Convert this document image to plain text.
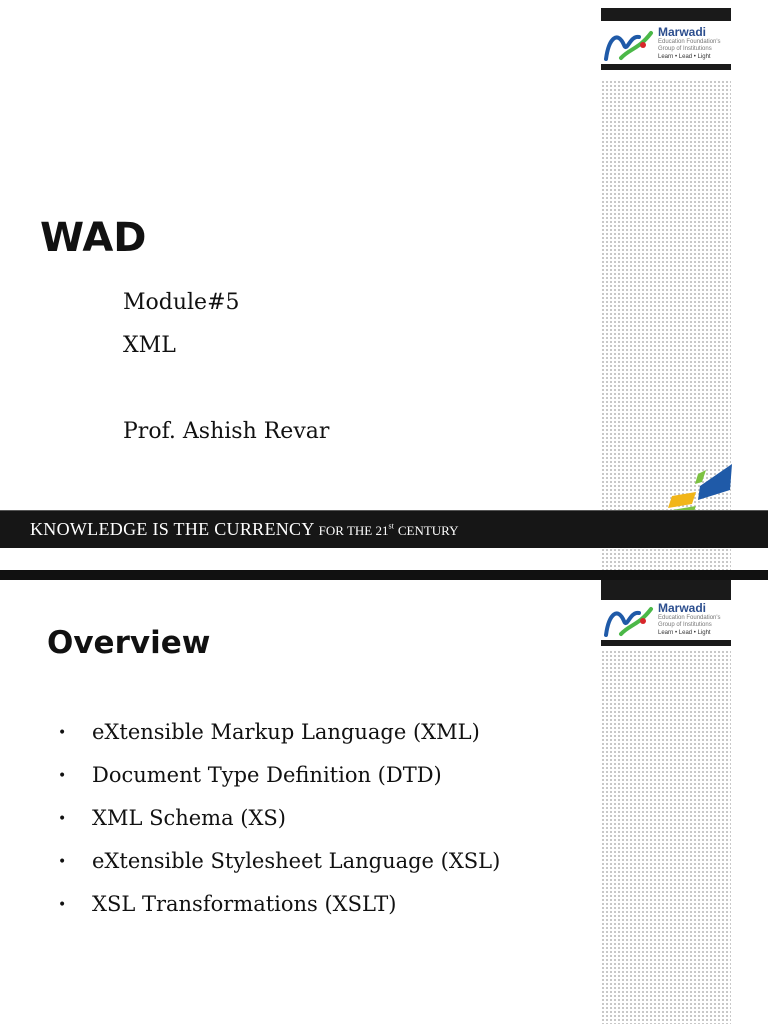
Marwadi
Education Foundation's
Group of Institutions
Learn • Lead • Light
WAD

Module#5

XML

Prof. Ashish Revar

KNOWLEDGE IS THE CURRENCY FOR THE 21st CENTURY
Marwadi
Education Foundation's
Group of Institutions
Learn • Lead • Light
Overview
•	eXtensible Markup Language (XML)
•	Document Type Definition (DTD)
•	XML Schema (XS)
•	eXtensible Stylesheet Language (XSL)
•	XSL Transformations (XSLT)
